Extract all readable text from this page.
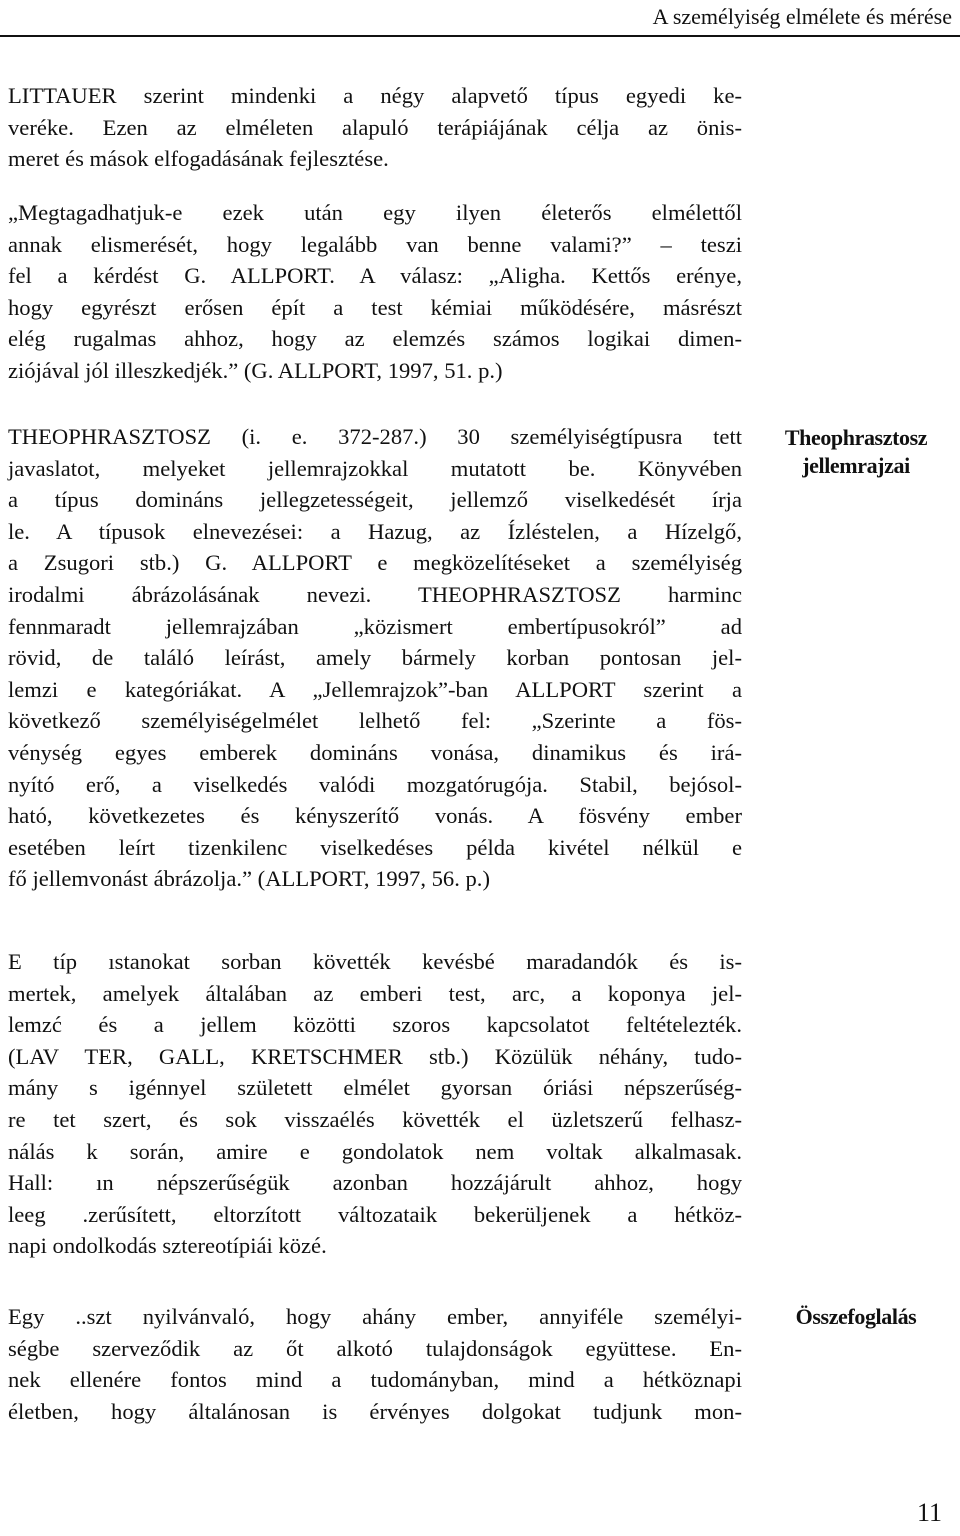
A személyiség elmélete és mérése
LITTAUER szerint mindenki a négy alapvető típus egyedi ke-
veréke. Ezen az elméleten alapuló terápiájának célja az önis-
meret és mások elfogadásának fejlesztése.
„Megtagadhatjuk-e ezek után egy ilyen életerős elmélettől
annak elismerését, hogy legalább van benne valami?” – teszi
fel a kérdést G. ALLPORT. A válasz: „Aligha. Kettős erénye,
hogy egyrészt erősen épít a test kémiai működésére, másrészt
elég rugalmas ahhoz, hogy az elemzés számos logikai dimen-
ziójával jól illeszkedjék.” (G. ALLPORT, 1997, 51. p.)
THEOPHRASZTOSZ (i. e. 372-287.) 30 személyiségtípusra tett
javaslatot, melyeket jellemrajzokkal mutatott be. Könyvében
a típus domináns jellegzetességeit, jellemző viselkedését írja
le. A típusok elnevezései: a Hazug, az Ízléstelen, a Hízelgő,
a Zsugori stb.) G. ALLPORT e megközelítéseket a személyiség
irodalmi ábrázolásának nevezi. THEOPHRASZTOSZ harminc
fennmaradt jellemrajzában „közismert embertípusokról” ad
rövid, de találó leírást, amely bármely korban pontosan jel-
lemzi e kategóriákat. A „Jellemrajzok”-ban ALLPORT szerint a
következő személyiségelmélet lelhető fel: „Szerinte a fös-
vénység egyes emberek domináns vonása, dinamikus és irá-
nyító erő, a viselkedés valódi mozgatórugója. Stabil, bejósol-
ható, következetes és kényszerítő vonás. A fösvény ember
esetében leírt tizenkilenc viselkedéses példa kivétel nélkül e
fő jellemvonást ábrázolja.” (ALLPORT, 1997, 56. p.)
E típ ıstanokat sorban követték kevésbé maradandók és is-
mertek, amelyek általában az emberi test, arc, a koponya jel-
lemzć és a jellem közötti szoros kapcsolatot feltételezték.
(LAV TER, GALL, KRETSCHMER stb.) Közülük néhány, tudo-
mány s igénnyel született elmélet gyorsan óriási népszerűség-
re tet szert, és sok visszaélés követték el üzletszerű felhasz-
nálás k során, amire e gondolatok nem voltak alkalmasak.
Hall: ın népszerűségük azonban hozzájárult ahhoz, hogy
leeg .zerűsített, eltorzított változataik bekerüljenek a hétköz-
napi ondolkodás sztereotípiái közé.
Egy ..szt nyilvánvaló, hogy ahány ember, annyiféle személyi-
ségbe szerveződik az őt alkotó tulajdonságok együttese. En-
nek ellenére fontos mind a tudományban, mind a hétköznapi
életben, hogy általánosan is érvényes dolgokat tudjunk mon-
Theophrasztosz
jellemrajzai
Összefoglalás
11
